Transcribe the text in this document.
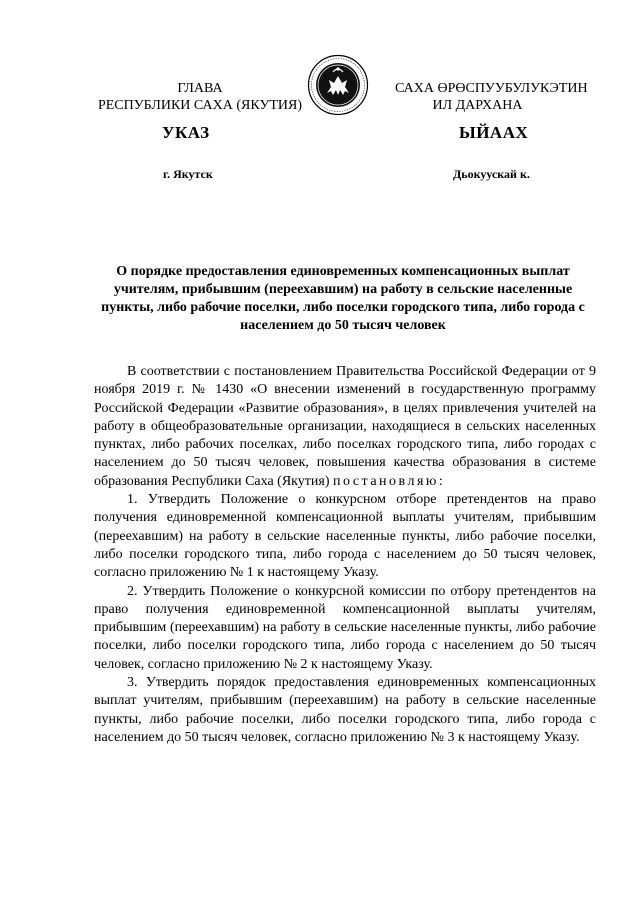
ГЛАВА
РЕСПУБЛИКИ САХА (ЯКУТИЯ)
САХА ӨРӨСПУУБУЛУКЭТИН
ИЛ ДАРХАНА
УКАЗ	ЫЙААХ
г. Якутск	Дьокуускай к.
О порядке предоставления единовременных компенсационных выплат учителям, прибывшим (переехавшим) на работу в сельские населенные пункты, либо рабочие поселки, либо поселки городского типа, либо города с населением до 50 тысяч человек

В соответствии с постановлением Правительства Российской Федерации от 9 ноября 2019 г. № 1430 «О внесении изменений в государственную программу Российской Федерации «Развитие образования», в целях привлечения учителей на работу в общеобразовательные организации, находящиеся в сельских населенных пунктах, либо рабочих поселках, либо поселках городского типа, либо городах с населением до 50 тысяч человек, повышения качества образования в системе образования Республики Саха (Якутия) постановляю:

1. Утвердить Положение о конкурсном отборе претендентов на право получения единовременной компенсационной выплаты учителям, прибывшим (переехавшим) на работу в сельские населенные пункты, либо рабочие поселки, либо поселки городского типа, либо города с населением до 50 тысяч человек, согласно приложению № 1 к настоящему Указу.

2. Утвердить Положение о конкурсной комиссии по отбору претендентов на право получения единовременной компенсационной выплаты учителям, прибывшим (переехавшим) на работу в сельские населенные пункты, либо рабочие поселки, либо поселки городского типа, либо города с населением до 50 тысяч человек, согласно приложению № 2 к настоящему Указу.

3. Утвердить порядок предоставления единовременных компенсационных выплат учителям, прибывшим (переехавшим) на работу в сельские населенные пункты, либо рабочие поселки, либо поселки городского типа, либо города с населением до 50 тысяч человек, согласно приложению № 3 к настоящему Указу.
